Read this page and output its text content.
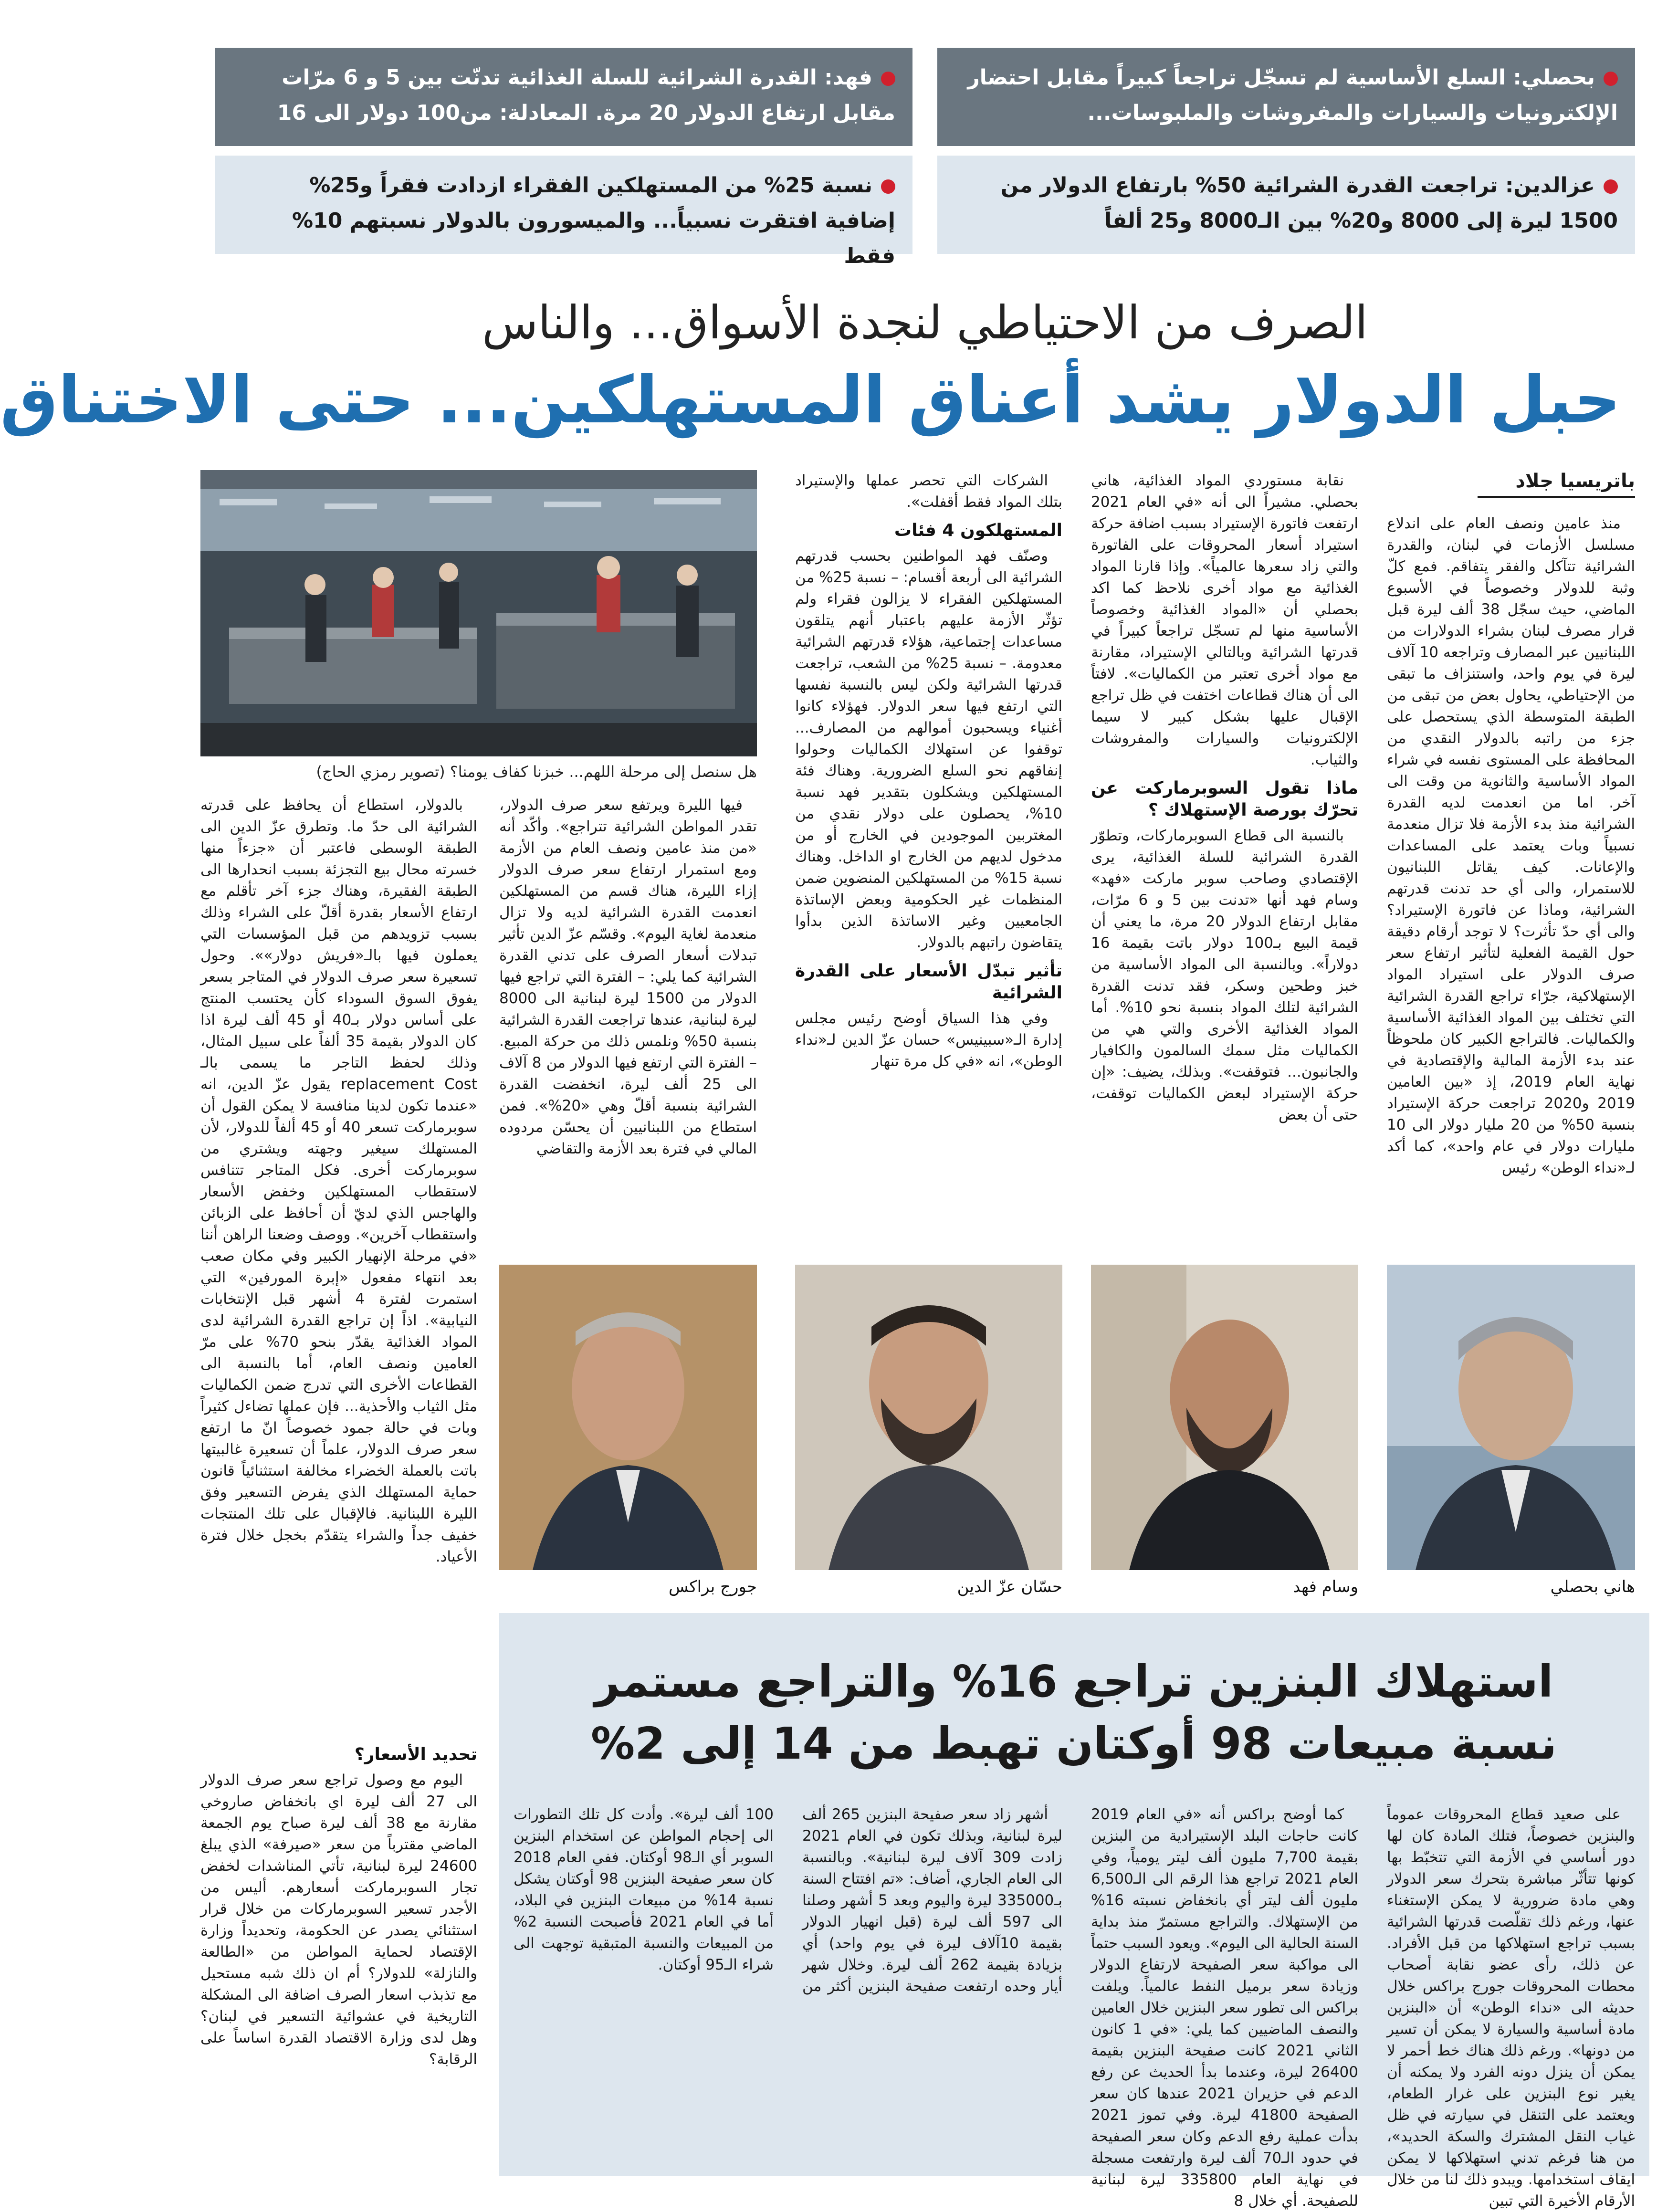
بحصلي: السلع الأساسية لم تسجّل تراجعاً كبيراً مقابل احتضار الإلكترونيات والسيارات والمفروشات والملبوسات...
فهد: القدرة الشرائية للسلة الغذائية تدنّت بين 5 و 6 مرّات مقابل ارتفاع الدولار 20 مرة. المعادلة: من100 دولار الى 16
عزالدين: تراجعت القدرة الشرائية 50% بارتفاع الدولار من 1500 ليرة إلى 8000 و20% بين الـ8000 و25 ألفاً
نسبة 25% من المستهلكين الفقراء ازدادت فقراً و25% إضافية افتقرت نسبياً... والميسورون بالدولار نسبتهم 10% فقط
الصرف من الاحتياطي لنجدة الأسواق... والناس
حبل الدولار يشد أعناق المستهلكين... حتى الاختناق
باتريسيا جلاد

منذ عامين ونصف العام على اندلاع مسلسل الأزمات في لبنان، والقدرة الشرائية تتآكل والفقر يتفاقم. فمع كلّ وثبة للدولار وخصوصاً في الأسبوع الماضي، حيث سجّل 38 ألف ليرة قبل قرار مصرف لبنان بشراء الدولارات من اللبنانيين عبر المصارف وتراجعه 10 آلاف ليرة في يوم واحد، واستنزاف ما تبقى من الإحتياطي، يحاول بعض من تبقى من الطبقة المتوسطة الذي يستحصل على جزء من راتبه بالدولار النقدي من المحافظة على المستوى نفسه في شراء المواد الأساسية والثانوية من وقت الى آخر. اما من انعدمت لديه القدرة الشرائية منذ بدء الأزمة فلا تزال منعدمة نسبياً وبات يعتمد على المساعدات والإعانات. كيف يقاتل اللبنانيون للاستمرار، والى أي حد تدنت قدرتهم الشرائية، وماذا عن فاتورة الإستيراد؟ والى أي حدّ تأثرت؟ لا توجد أرقام دقيقة حول القيمة الفعلية لتأثير ارتفاع سعر صرف الدولار على استيراد المواد الإستهلاكية، جرّاء تراجع القدرة الشرائية التي تختلف بين المواد الغذائية الأساسية والكماليات. فالتراجع الكبير كان ملحوظاً عند بدء الأزمة المالية والإقتصادية في نهاية العام 2019، إذ «بين العامين 2019 و2020 تراجعت حركة الإستيراد بنسبة 50% من 20 مليار دولار الى 10 مليارات دولار في عام واحد»، كما أكد لـ«نداء الوطن» رئيس

نقابة مستوردي المواد الغذائية، هاني بحصلي. مشيراً الى أنه «في العام 2021 ارتفعت فاتورة الإستيراد بسبب اضافة حركة استيراد أسعار المحروقات على الفاتورة والتي زاد سعرها عالمياً». وإذا قارنا المواد الغذائية مع مواد أخرى نلاحظ كما اكد بحصلي أن «المواد الغذائية وخصوصاً الأساسية منها لم تسجّل تراجعاً كبيراً في قدرتها الشرائية وبالتالي الإستيراد، مقارنة مع مواد أخرى تعتبر من الكماليات». لافتاً الى أن هناك قطاعات اختفت في ظل تراجع الإقبال عليها بشكل كبير لا سيما الإلكترونيات والسيارات والمفروشات والثياب.

ماذا تقول السوبرماركت عن تحرّك بورصة الإستهلاك ؟

بالنسبة الى قطاع السوبرماركات، وتطوّر القدرة الشرائية للسلة الغذائية، يرى الإقتصادي وصاحب سوبر ماركت «فهد» وسام فهد أنها «تدنت بين 5 و 6 مرّات، مقابل ارتفاع الدولار 20 مرة، ما يعني أن قيمة البيع بـ100 دولار باتت بقيمة 16 دولاراً». وبالنسبة الى المواد الأساسية من خبز وطحين وسكر، فقد تدنت القدرة الشرائية لتلك المواد بنسبة نحو 10%. أما المواد الغذائية الأخرى والتي هي من الكماليات مثل سمك السالمون والكافيار والجانبون... فتوقفت». وبذلك، يضيف: «إن حركة الإستيراد لبعض الكماليات توقفت، حتى أن بعض

الشركات التي تحصر عملها والإستيراد بتلك المواد فقط أقفلت».

المستهلكون 4 فئات

وصنّف فهد المواطنين بحسب قدرتهم الشرائية الى أربعة أقسام: – نسبة 25% من المستهلكين الفقراء لا يزالون فقراء ولم تؤثّر الأزمة عليهم باعتبار أنهم يتلقون مساعدات إجتماعية، هؤلاء قدرتهم الشرائية معدومة. – نسبة 25% من الشعب، تراجعت قدرتها الشرائية ولكن ليس بالنسبة نفسها التي ارتفع فيها سعر الدولار. فهؤلاء كانوا أغنياء ويسحبون أموالهم من المصارف... توقفوا عن استهلاك الكماليات وحولوا إنفاقهم نحو السلع الضرورية. وهناك فئة المستهلكين ويشكلون بتقدير فهد نسبة 10%، يحصلون على دولار نقدي من المغتربين الموجودين في الخارج أو من مدخول لديهم من الخارج او الداخل. وهناك نسبة 15% من المستهلكين المنضوين ضمن المنظمات غير الحكومية وبعض الإساتذة الجامعيين وغير الاساتذة الذين بدأوا يتقاضون راتبهم بالدولار.

تأثير تبدّل الأسعار على القدرة الشرائية

وفي هذا السياق أوضح رئيس مجلس إدارة الـ«سبينيس» حسان عزّ الدين لـ«نداء الوطن»، انه «في كل مرة تنهار

هل سنصل إلى مرحلة اللهم... خبزنا كفاف يومنا؟ (تصوير رمزي الحاج)

فيها الليرة ويرتفع سعر صرف الدولار، تقدر المواطن الشرائية تتراجع». وأكّد أنه «من منذ عامين ونصف العام من الأزمة ومع استمرار ارتفاع سعر صرف الدولار إزاء الليرة، هناك قسم من المستهلكين انعدمت القدرة الشرائية لديه ولا تزال منعدمة لغاية اليوم». وقسّم عزّ الدين تأثير تبدلات أسعار الصرف على تدني القدرة الشرائية كما يلي: – الفترة التي تراجع فيها الدولار من 1500 ليرة لبنانية الى 8000 ليرة لبنانية، عندها تراجعت القدرة الشرائية بنسبة 50% ونلمس ذلك من حركة المبيع. – الفترة التي ارتفع فيها الدولار من 8 آلاف الى 25 ألف ليرة، انخفضت القدرة الشرائية بنسبة أقلّ وهي «20%». فمن استطاع من اللبنانيين أن يحسّن مردوده المالي في فترة بعد الأزمة والتقاضي

بالدولار، استطاع أن يحافظ على قدرته الشرائية الى حدّ ما. وتطرق عزّ الدين الى الطبقة الوسطى فاعتبر أن «جزءاً منها خسرته محال بيع التجزئة بسبب انحدارها الى الطبقة الفقيرة، وهناك جزء آخر تأقلم مع ارتفاع الأسعار بقدرة أقلّ على الشراء وذلك بسبب تزويدهم من قبل المؤسسات التي يعملون فيها بالـ«فريش دولار»». وحول تسعيرة سعر صرف الدولار في المتاجر بسعر يفوق السوق السوداء كأن يحتسب المنتج على أساس دولار بـ40 أو 45 ألف ليرة اذا كان الدولار بقيمة 35 ألفاً على سبيل المثال، وذلك لحفظ التاجر ما يسمى بالـ replacement Cost يقول عزّ الدين، انه «عندما تكون لدينا منافسة لا يمكن القول أن سوبرماركت تسعر 40 أو 45 ألفاً للدولار، لأن المستهلك سيغير وجهته ويشتري من سوبرماركت أخرى. فكل المتاجر تتنافس لاستقطاب المستهلكين وخفض الأسعار والهاجس الذي لديّ أن أحافظ على الزبائن واستقطاب آخرين». ووصف وضعنا الراهن أننا «في مرحلة الإنهيار الكبير وفي مكان صعب بعد انتهاء مفعول «إبرة المورفين» التي استمرت لفترة 4 أشهر قبل الإنتخابات النيابية». اذاً إن تراجع القدرة الشرائية لدى المواد الغذائية يقدّر بنحو 70% على مرّ العامين ونصف العام، أما بالنسبة الى القطاعات الأخرى التي تدرج ضمن الكماليات مثل الثياب والأحذية... فإن عملها تضاءل كثيراً وبات في حالة جمود خصوصاً انّ ما ارتفع سعر صرف الدولار، علماً أن تسعيرة غالبيتها باتت بالعملة الخضراء مخالفة استثنائياً قانون حماية المستهلك الذي يفرض التسعير وفق الليرة اللبنانية. فالإقبال على تلك المنتجات خفيف جداً والشراء يتقدّم بخجل خلال فترة الأعياد.

هاني بحصلي
وسام فهد
حسّان عزّ الدين
جورج براكس
استهلاك البنزين تراجع 16% والتراجع مستمر
نسبة مبيعات 98 أوكتان تهبط من 14 إلى 2%

على صعيد قطاع المحروقات عموماً والبنزين خصوصاً، فتلك المادة كان لها دور أساسي في الأزمة التي تتخبّط بها كونها تتأثّر مباشرة بتحرك سعر الدولار وهي مادة ضرورية لا يمكن الإستغناء عنها، ورغم ذلك تقلّصت قدرتها الشرائية بسبب تراجع استهلاكها من قبل الأفراد. عن ذلك، رأى عضو نقابة أصحاب محطات المحروقات جورج براكس خلال حديثه الى «نداء الوطن» أن «البنزين مادة أساسية والسيارة لا يمكن أن تسير من دونها». ورغم ذلك هناك خط أحمر لا يمكن أن ينزل دونه الفرد ولا يمكنه أن يغير نوع البنزين على غرار الطعام، ويعتمد على التنقل في سيارته في ظل غياب النقل المشترك والسكة الحديد»، من هنا فرغم تدني استهلاكها لا يمكن ايقاف استخدامها. ويبدو ذلك لنا من خلال الأرقام الأخيرة التي تبين

كما أوضح براكس أنه «في العام 2019 كانت حاجات البلد الإستيرادية من البنزين بقيمة 7,700 مليون ألف ليتر يومياً، وفي العام 2021 تراجع هذا الرقم الى الـ6,500 مليون ألف ليتر أي بانخفاض نسبته 16% من الإستهلاك. والتراجع مستمرّ منذ بداية السنة الحالية الى اليوم». ويعود السبب حتماً الى مواكبة سعر الصفيحة لارتفاع الدولار وزيادة سعر برميل النفط عالمياً. ويلفت براكس الى تطور سعر البنزين خلال العامين والنصف الماضيين كما يلي: «في 1 كانون الثاني 2021 كانت صفيحة البنزين بقيمة 26400 ليرة، وعندما بدأ الحديث عن رفع الدعم في حزيران 2021 عندها كان سعر الصفيحة 41800 ليرة. وفي تموز 2021 بدأت عملية رفع الدعم وكان سعر الصفيحة في حدود الـ70 ألف ليرة وارتفعت مسجلة في نهاية العام 335800 ليرة لبنانية للصفيحة. أي خلال 8

أشهر زاد سعر صفيحة البنزين 265 ألف ليرة لبنانية، وبذلك تكون في العام 2021 زادت 309 آلاف ليرة لبنانية». وبالنسبة الى العام الجاري، أضاف: «تم افتتاح السنة بـ335000 ليرة واليوم وبعد 5 أشهر وصلنا الى 597 ألف ليرة (قبل انهيار الدولار بقيمة 10آلاف ليرة في يوم واحد) أي بزيادة بقيمة 262 ألف ليرة. وخلال شهر أيار وحده ارتفعت صفيحة البنزين أكثر من 100 ألف ليرة». وأدت كل تلك التطورات الى إحجام المواطن عن استخدام البنزين السوبر أي الـ98 أوكتان. ففي العام 2018 كان سعر صفيحة البنزين 98 أوكتان يشكل نسبة 14% من مبيعات البنزين في البلاد، أما في العام 2021 فأصبحت النسبة 2% من المبيعات والنسبة المتبقية توجهت الى شراء الـ95 أوكتان.

تحديد الأسعار؟

اليوم مع وصول تراجع سعر صرف الدولار الى 27 ألف ليرة اي بانخفاض صاروخي مقارنة مع 38 ألف ليرة صباح يوم الجمعة الماضي مقترباً من سعر «صيرفة» الذي يبلغ 24600 ليرة لبنانية، تأتي المناشدات لخفض تجار السوبرماركت أسعارهم. أليس من الأجدر تسعير السوبرماركات من خلال قرار استثنائي يصدر عن الحكومة، وتحديداً وزارة الإقتصاد لحماية المواطن من «الطالعة والنازلة» للدولار؟ أم ان ذلك شبه مستحيل مع تذبذب اسعار الصرف اضافة الى المشكلة التاريخية في عشوائية التسعير في لبنان؟ وهل لدى وزارة الاقتصاد القدرة اساساً على الرقابة؟
